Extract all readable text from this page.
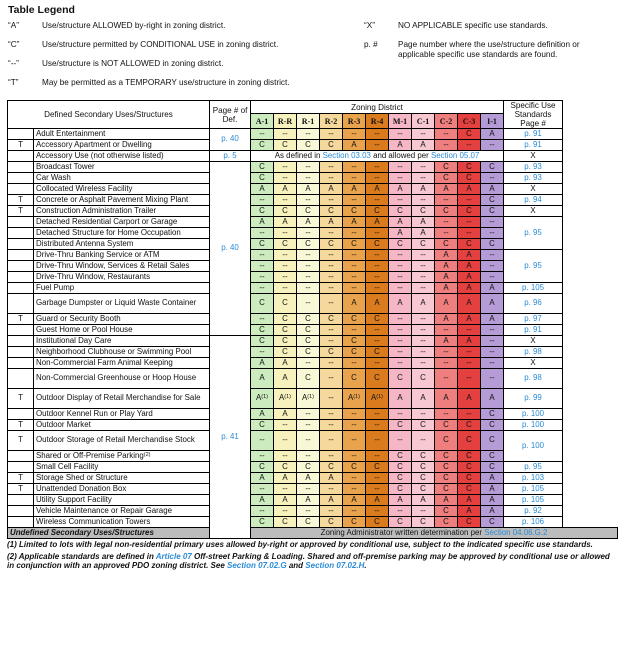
Table Legend
“A”	Use/structure ALLOWED by-right in zoning district.
“C”	Use/structure permitted by CONDITIONAL USE in zoning district.
“--”	Use/structure is NOT ALLOWED in zoning district.
“T”	May be permitted as a TEMPORARY use/structure in zoning district.
“X”	NO APPLICABLE specific use standards.
p. #	Page number where the use/structure definition or applicable specific use standards are found.
Defined Secondary Uses/Structures		Page # of Def.	Zoning District											Specific Use Standards Page #
			A-1	R-R	R-1	R-2	R-3	R-4	M-1	C-1	C-2	C-3	I-1	
	Adult Entertainment	p. 40	--	--	--	--	--	--	--	--	--	C	A	p. 91
T	Accessory Apartment or Dwelling		C	C	C	C	A	--	A	A	--	--	--	p. 91
	Accessory Use (not otherwise listed)	p. 5	As defined in Section 03.03 and allowed per Section 05.07											X
	Broadcast Tower	p. 40	C	--	--	--	--	--	--	--	C	C	C	p. 93
	Car Wash		C	--	--	--	--	--	--	--	C	C	--	p. 93
	Collocated Wireless Facility		A	A	A	A	A	A	A	A	A	A	A	X
T	Concrete or Asphalt Pavement Mixing Plant		--	--	--	--	--	--	--	--	--	--	C	p. 94
T	Construction Administration Trailer		C	C	C	C	C	C	C	C	C	C	C	X
	Detached Residential Carport or Garage		A	A	A	A	A	A	A	A	--	--	--	p. 95
	Detached Structure for Home Occupation		--	--	--	--	--	--	A	A	--	--	--	
	Distributed Antenna System		C	C	C	C	C	C	C	C	C	C	C	
	Drive-Thru Banking Service or ATM		--	--	--	--	--	--	--	--	A	A	--	p. 95
	Drive-Thru Window, Services & Retail Sales		--	--	--	--	--	--	--	--	A	A	--	
	Drive-Thru Window, Restaurants		--	--	--	--	--	--	--	--	A	A	--	
	Fuel Pump		--	--	--	--	--	--	--	--	A	A	A	p. 105
	Garbage Dumpster or Liquid Waste Container		C	C	--	--	A	A	A	A	A	A	A	p. 96
T	Guard or Security Booth		--	C	C	C	C	C	--	--	A	A	A	p. 97
	Guest Home or Pool House		C	C	C	--	--	--	--	--	--	--	--	p. 91
	Institutional Day Care	p. 41	C	C	C	--	C	--	--	--	A	A	--	X
	Neighborhood Clubhouse or Swimming Pool		--	C	C	C	C	C	--	--	--	--	--	p. 98
	Non-Commercial Farm Animal Keeping		A	A	--	--	--	--	--	--	--	--	--	X
	Non-Commercial Greenhouse or Hoop House		A	A	C	--	C	C	C	C	--	--	--	p. 98
T	Outdoor Display of Retail Merchandise for Sale		$A^{(1)}$	$A^{(1)}$	$A^{(1)}$	--	$A^{(1)}$	$A^{(1)}$	A	A	A	A	A	p. 99
	Outdoor Kennel Run or Play Yard		A	A	--	--	--	--	--	--	--	--	C	p. 100
T	Outdoor Market		C	--	--	--	--	--	C	C	C	C	C	p. 100
T	Outdoor Storage of Retail Merchandise Stock		--	--	--	--	--	--	--	--	C	C	C	p. 100
	Shared or Off-Premise Parking$^{(2)}$		--	--	--	--	--	--	C	C	C	C	C	
	Small Cell Facility		C	C	C	C	C	C	C	C	C	C	C	p. 95
T	Storage Shed or Structure		A	A	A	A	--	--	C	C	C	C	A	p. 103
T	Unattended Donation Box		--	--	--	--	--	--	C	C	C	C	A	p. 105
	Utility Support Facility		A	A	A	A	A	A	A	A	A	A	A	p. 105
	Vehicle Maintenance or Repair Garage		--	--	--	--	--	--	--	--	C	A	A	p. 92
	Wireless Communication Towers		C	C	C	C	C	C	C	C	C	C	C	p. 106
Undefined Secondary Uses/Structures			Zoning Administrator written determination per Section 04.06.G.2											
(1) Limited to lots with legal non-residential primary uses allowed by-right or approved by conditional use, subject to the indicated specific use standards.
(2) Applicable standards are defined in Article 07 Off-street Parking & Loading. Shared and off-premise parking may be approved by conditional use or allowed in conjunction with an approved PDO zoning district. See Section 07.02.G and Section 07.02.H.
